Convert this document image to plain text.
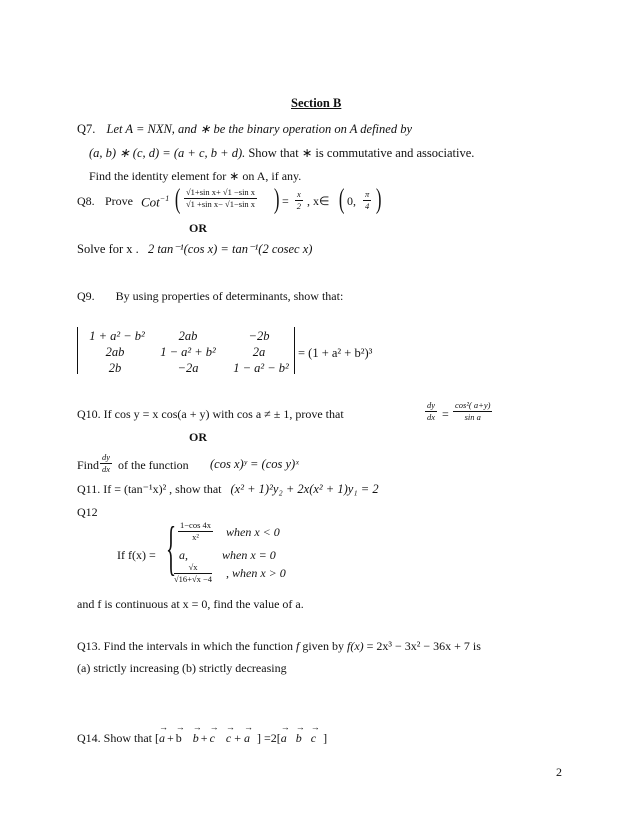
Section B
Q7. Let A = NXN, and ∗ be the binary operation on A defined by
(a, b) ∗ (c, d) = (a + c, b + d). Show that ∗ is commutative and associative.
Find the identity element for ∗ on A, if any.
Q8. Prove Cot$^{-1}$ ( $\frac{\text{√1+sin x+ √1 −sin x}}{\text{√1 +sin x− √1−sin x}}$ ) = $\frac{x}{2}$ , x∈ ( 0, $\frac{\pi}{4}$ )
OR
Solve for x . 2 tan⁻¹(cos x) = tan⁻¹(2 cosec x)
Q9. By using properties of determinants, show that:
1 + a² − b²	2ab	−2b
2ab	1 − a² + b²	2a
2b	−2a	1 − a² − b²
= (1 + a² + b²)³
Q10. If cos y = x cos(a + y) with cos a ≠ ± 1, prove that	$\frac{dy}{dx} = \frac{\text{cos²( a+y)}}{\text{sin a}}$
OR
Find $\frac{dy}{dx}$ of the function (cos x)ʸ = (cos y)ˣ
Q11. If = (tan⁻¹x)² , show that (x² + 1)²y₂ + 2x(x² + 1)y₁ = 2
Q12
If f(x) = { $\frac{1-\cos 4x}{\text{x²}}$ when x < 0
a,	when x = 0
$\frac{√x}{√16+√x -4}$ , when x > 0
and f is continuous at x = 0, find the value of a.
Q13. Find the intervals in which the function f given by f(x) = 2x³ − 3x² − 36x + 7 is
(a) strictly increasing (b) strictly decreasing
Q14. Show that [→ a + → b → b + → c → c + → a ] =2[→ a → b → c ]
2
